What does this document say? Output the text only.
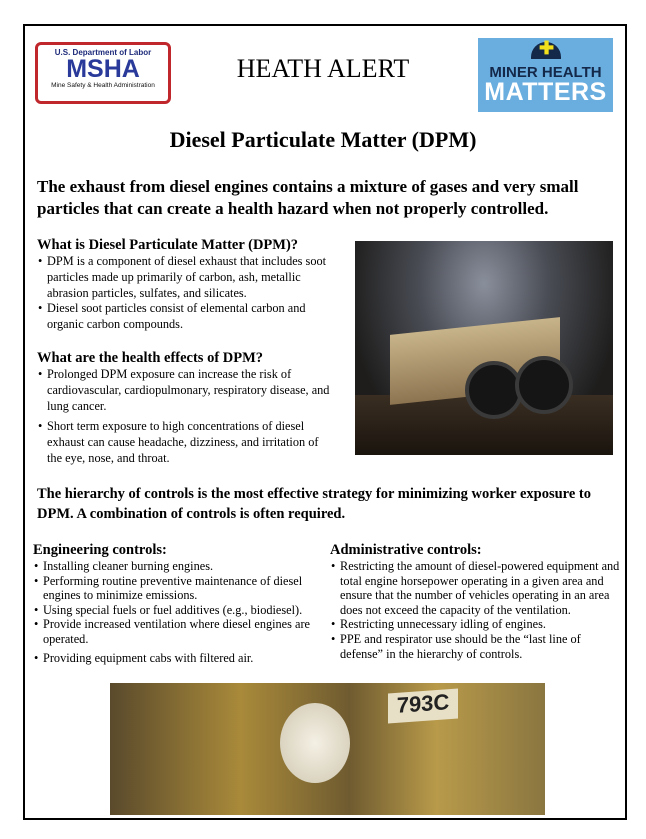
U.S. Department of Labor
MSHA
Mine Safety & Health Administration
HEATH ALERT
✚
MINER HEALTH
MATTERS
Diesel Particulate Matter (DPM)
The exhaust from diesel engines contains a mixture of gases and very small particles that can create a health hazard when not properly controlled.
What is Diesel Particulate Matter (DPM)?
• DPM is a component of diesel exhaust that includes soot particles made up primarily of carbon, ash, metallic abrasion particles, sulfates, and silicates.
• Diesel soot particles consist of elemental carbon and organic carbon compounds.
What are the health effects of DPM?
• Prolonged DPM exposure can increase the risk of cardiovascular, cardiopulmonary, respiratory disease, and lung cancer.
• Short term exposure to high concentrations of diesel exhaust can cause headache, dizziness, and irritation of the eye, nose, and throat.
The hierarchy of controls is the most effective strategy for minimizing worker exposure to DPM. A combination of controls is often required.
Engineering controls:
• Installing cleaner burning engines.
• Performing routine preventive maintenance of diesel engines to minimize emissions.
• Using special fuels or fuel additives (e.g., biodiesel).
• Provide increased ventilation where diesel engines are operated.
• Providing equipment cabs with filtered air.
Administrative controls:
• Restricting the amount of diesel-powered equipment and total engine horsepower operating in a given area and ensure that the number of vehicles operating in an area does not exceed the capacity of the ventilation.
• Restricting unnecessary idling of engines.
• PPE and respirator use should be the “last line of defense” in the hierarchy of controls.
793C
